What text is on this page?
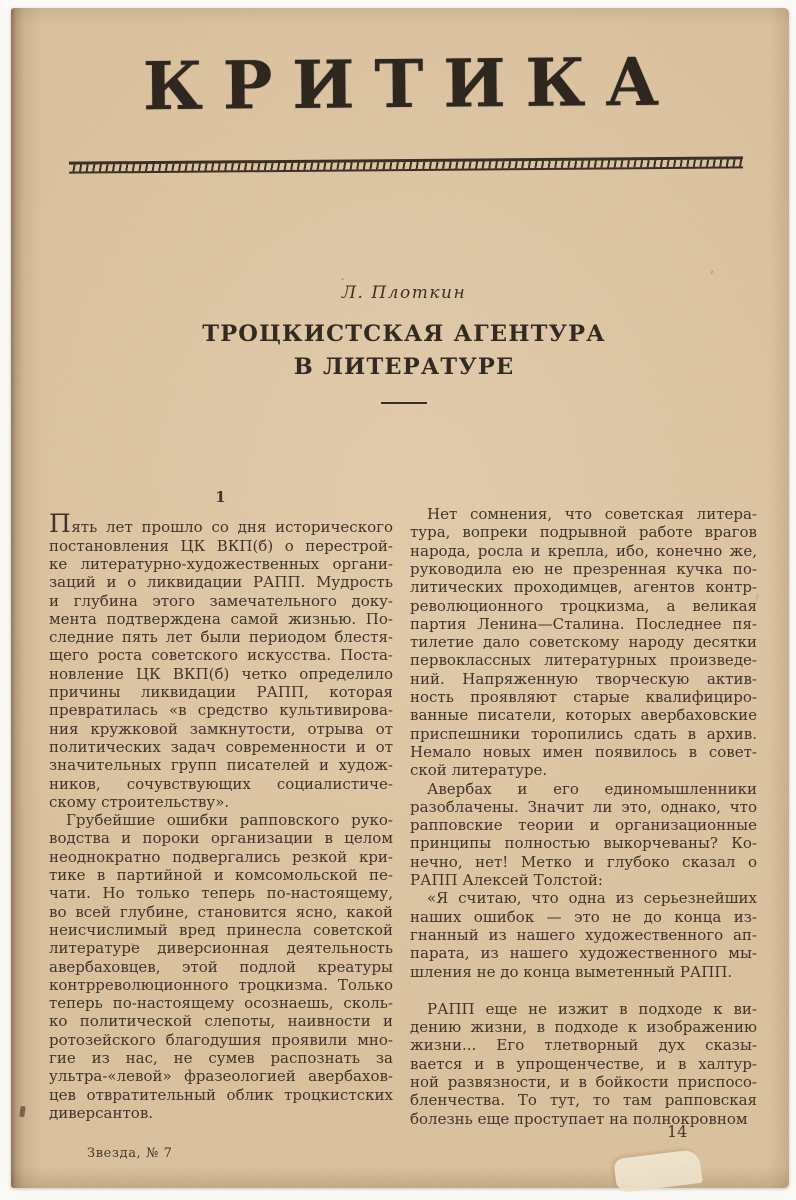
КРИТИКА
Л. Плоткин
ТРОЦКИСТСКАЯ АГЕНТУРА
В ЛИТЕРАТУРЕ
1
Пять лет прошло со дня исторического
постановления ЦК ВКП(б) о перестрой-
ке литературно-художественных органи-
заций и о ликвидации РАПП. Мудрость
и глубина этого замечательного доку-
мента подтверждена самой жизнью. По-
следние пять лет были периодом блестя-
щего роста советского искусства. Поста-
новление ЦК ВКП(б) четко определило
причины ликвидации РАПП, которая
превратилась «в средство культивирова-
ния кружковой замкнутости, отрыва от
политических задач современности и от
значительных групп писателей и худож-
ников, сочувствующих социалистиче-
скому строительству».
Грубейшие ошибки рапповского руко-
водства и пороки организации в целом
неоднократно подвергались резкой кри-
тике в партийной и комсомольской пе-
чати. Но только теперь по-настоящему,
во всей глубине, становится ясно, какой
неисчислимый вред принесла советской
литературе диверсионная деятельность
авербаховцев, этой подлой креатуры
контрреволюционного троцкизма. Только
теперь по-настоящему осознаешь, сколь-
ко политической слепоты, наивности и
ротозейского благодушия проявили мно-
гие из нас, не сумев распознать за
ультра-«левой» фразеологией авербахов-
цев отвратительный облик троцкистских
диверсантов.
Нет сомнения, что советская литера-
тура, вопреки подрывной работе врагов
народа, росла и крепла, ибо, конечно же,
руководила ею не презренная кучка по-
литических проходимцев, агентов контр-
революционного троцкизма, а великая
партия Ленина—Сталина. Последнее пя-
тилетие дало советскому народу десятки
первоклассных литературных произведе-
ний. Напряженную творческую актив-
ность проявляют старые квалифициро-
ванные писатели, которых авербаховские
приспешники торопились сдать в архив.
Немало новых имен появилось в совет-
ской литературе.
Авербах и его единомышленники
разоблачены. Значит ли это, однако, что
рапповские теории и организационные
принципы полностью выкорчеваны? Ко-
нечно, нет! Метко и глубоко сказал о
РАПП Алексей Толстой:
«Я считаю, что одна из серьезнейших
наших ошибок — это не до конца из-
гнанный из нашего художественного ап-
парата, из нашего художественного мы-
шления не до конца выметенный РАПП.
РАПП еще не изжит в подходе к ви-
дению жизни, в подходе к изображению
жизни... Его тлетворный дух сказы-
вается и в упрощенчестве, и в халтур-
ной развязности, и в бойкости приспосо-
бленчества. То тут, то там рапповская
болезнь еще проступает на полнокровном
Звезда, № 7
14
